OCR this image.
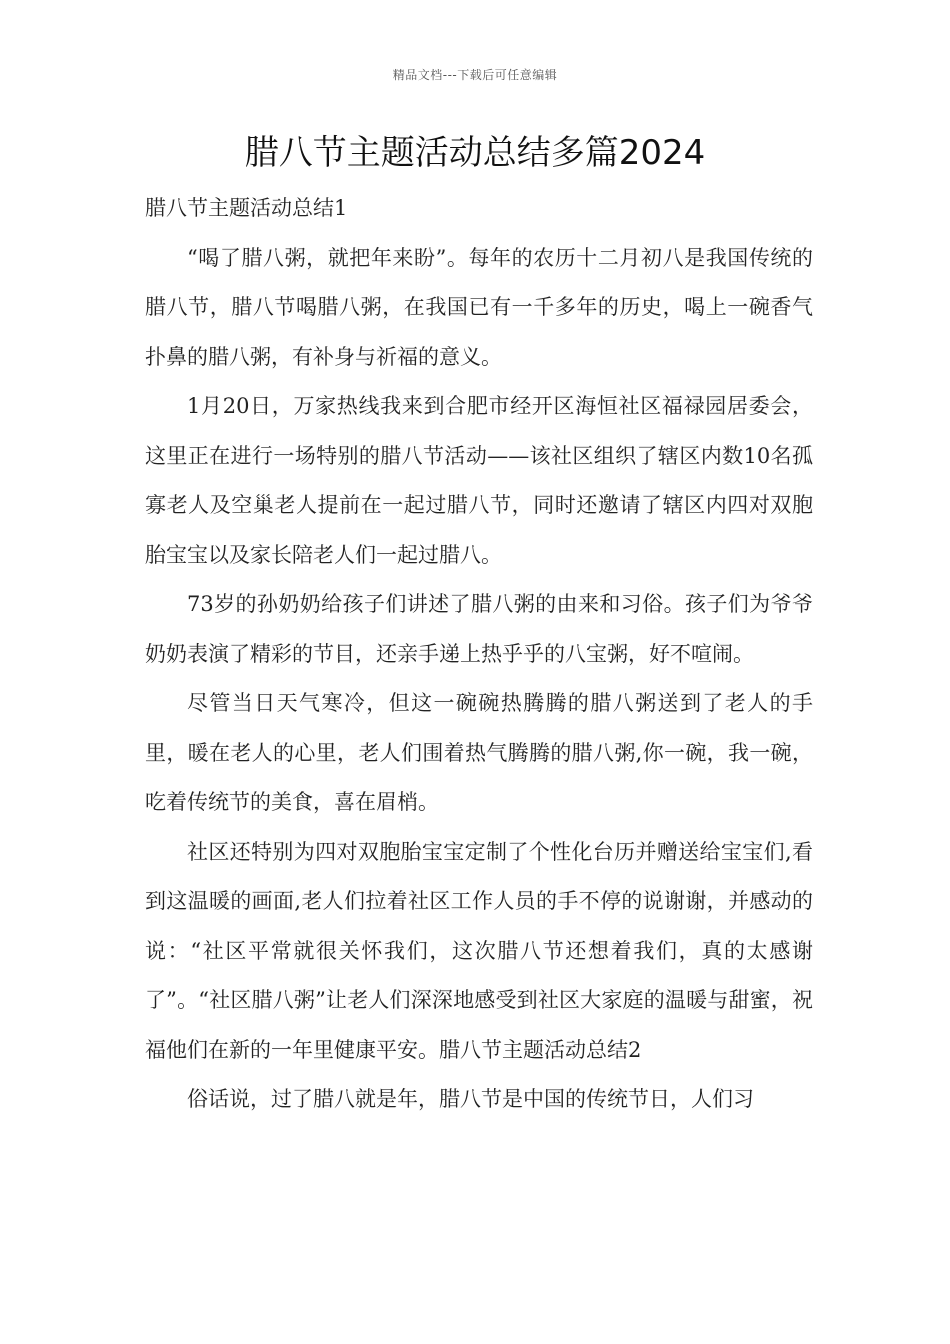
精品文档---下载后可任意编辑
腊八节主题活动总结多篇2024

腊八节主题活动总结1

“喝了腊八粥，就把年来盼”。每年的农历十二月初八是我国传统的腊八节，腊八节喝腊八粥，在我国已有一千多年的历史，喝上一碗香气扑鼻的腊八粥，有补身与祈福的意义。

1月20日，万家热线我来到合肥市经开区海恒社区福禄园居委会，这里正在进行一场特别的腊八节活动——该社区组织了辖区内数10名孤寡老人及空巢老人提前在一起过腊八节，同时还邀请了辖区内四对双胞胎宝宝以及家长陪老人们一起过腊八。

73岁的孙奶奶给孩子们讲述了腊八粥的由来和习俗。孩子们为爷爷奶奶表演了精彩的节目，还亲手递上热乎乎的八宝粥，好不喧闹。

尽管当日天气寒冷，但这一碗碗热腾腾的腊八粥送到了老人的手里，暖在老人的心里，老人们围着热气腾腾的腊八粥,你一碗，我一碗，吃着传统节的美食，喜在眉梢。

社区还特别为四对双胞胎宝宝定制了个性化台历并赠送给宝宝们,看到这温暖的画面,老人们拉着社区工作人员的手不停的说谢谢，并感动的说：“社区平常就很关怀我们，这次腊八节还想着我们，真的太感谢了”。“社区腊八粥”让老人们深深地感受到社区大家庭的温暖与甜蜜，祝福他们在新的一年里健康平安。腊八节主题活动总结2

俗话说，过了腊八就是年，腊八节是中国的传统节日，人们习
